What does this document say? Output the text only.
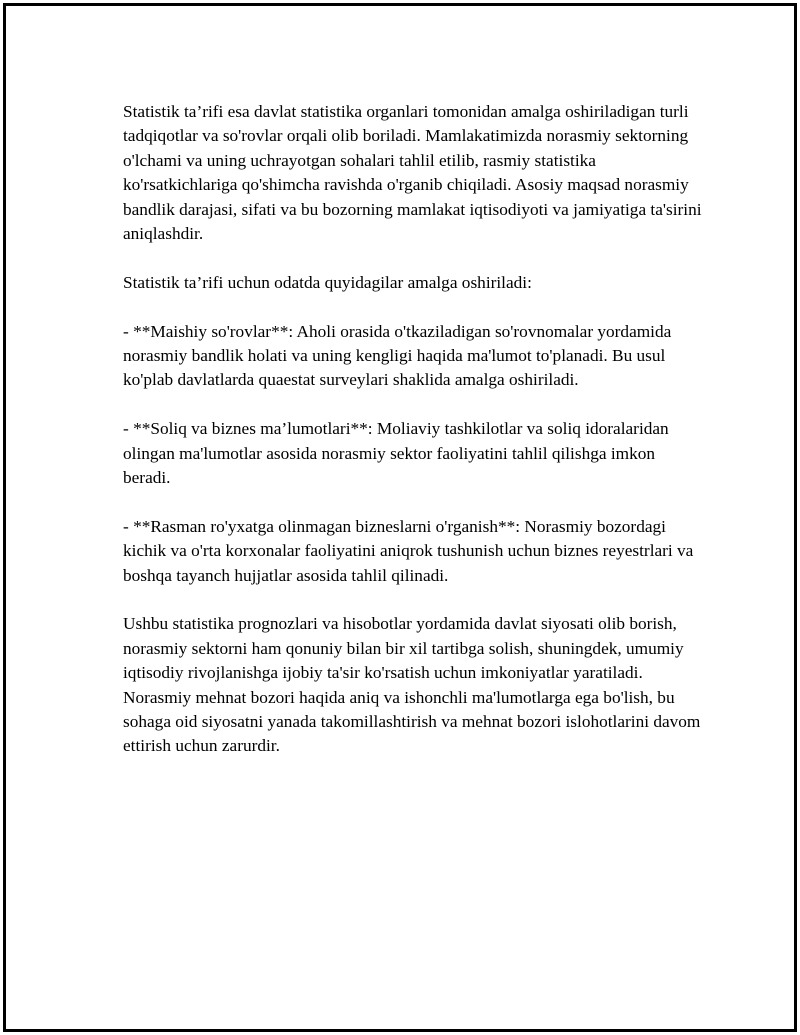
Statistik ta’rifi esa davlat statistika organlari tomonidan amalga oshiriladigan turli tadqiqotlar va so'rovlar orqali olib boriladi. Mamlakatimizda norasmiy sektorning o'lchami va uning uchrayotgan sohalari tahlil etilib, rasmiy statistika ko'rsatkichlariga qo'shimcha ravishda o'rganib chiqiladi. Asosiy maqsad norasmiy bandlik darajasi, sifati va bu bozorning mamlakat iqtisodiyoti va jamiyatiga ta'sirini aniqlashdir.

Statistik ta’rifi uchun odatda quyidagilar amalga oshiriladi:

- **Maishiy so'rovlar**: Aholi orasida o'tkaziladigan so'rovnomalar yordamida norasmiy bandlik holati va uning kengligi haqida ma'lumot to'planadi. Bu usul ko'plab davlatlarda quaestat surveylari shaklida amalga oshiriladi.

- **Soliq va biznes ma’lumotlari**: Moliaviy tashkilotlar va soliq idoralaridan olingan ma'lumotlar asosida norasmiy sektor faoliyatini tahlil qilishga imkon beradi.

- **Rasman ro'yxatga olinmagan bizneslarni o'rganish**: Norasmiy bozordagi kichik va o'rta korxonalar faoliyatini aniqrok tushunish uchun biznes reyestrlari va boshqa tayanch hujjatlar asosida tahlil qilinadi.

Ushbu statistika prognozlari va hisobotlar yordamida davlat siyosati olib borish, norasmiy sektorni ham qonuniy bilan bir xil tartibga solish, shuningdek, umumiy iqtisodiy rivojlanishga ijobiy ta'sir ko'rsatish uchun imkoniyatlar yaratiladi. Norasmiy mehnat bozori haqida aniq va ishonchli ma'lumotlarga ega bo'lish, bu sohaga oid siyosatni yanada takomillashtirish va mehnat bozori islohotlarini davom ettirish uchun zarurdir.
